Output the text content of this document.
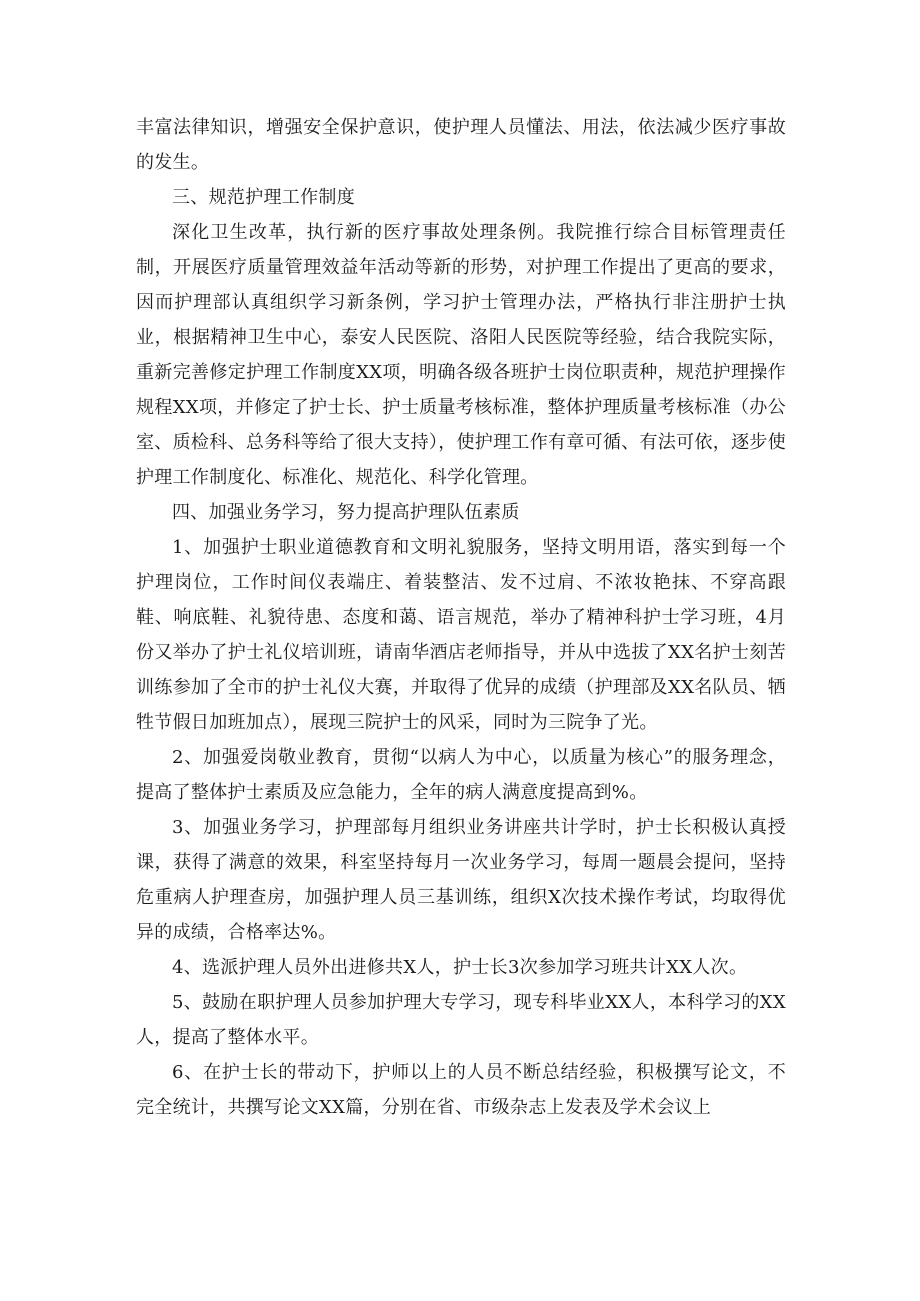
丰富法律知识，增强安全保护意识，使护理人员懂法、用法，依法减少医疗事故的发生。

三、规范护理工作制度

深化卫生改革，执行新的医疗事故处理条例。我院推行综合目标管理责任制，开展医疗质量管理效益年活动等新的形势，对护理工作提出了更高的要求，因而护理部认真组织学习新条例，学习护士管理办法，严格执行非注册护士执业，根据精神卫生中心，泰安人民医院、洛阳人民医院等经验，结合我院实际，重新完善修定护理工作制度XX项，明确各级各班护士岗位职责种，规范护理操作规程XX项，并修定了护士长、护士质量考核标准，整体护理质量考核标准（办公室、质检科、总务科等给了很大支持），使护理工作有章可循、有法可依，逐步使护理工作制度化、标准化、规范化、科学化管理。

四、加强业务学习，努力提高护理队伍素质

1、加强护士职业道德教育和文明礼貌服务，坚持文明用语，落实到每一个护理岗位，工作时间仪表端庄、着装整洁、发不过肩、不浓妆艳抹、不穿高跟鞋、响底鞋、礼貌待患、态度和蔼、语言规范，举办了精神科护士学习班，4月份又举办了护士礼仪培训班，请南华酒店老师指导，并从中选拔了XX名护士刻苦训练参加了全市的护士礼仪大赛，并取得了优异的成绩（护理部及XX名队员、牺牲节假日加班加点），展现三院护士的风采，同时为三院争了光。

2、加强爱岗敬业教育，贯彻“以病人为中心，以质量为核心”的服务理念，提高了整体护士素质及应急能力，全年的病人满意度提高到%。

3、加强业务学习，护理部每月组织业务讲座共计学时，护士长积极认真授课，获得了满意的效果，科室坚持每月一次业务学习，每周一题晨会提问，坚持危重病人护理查房，加强护理人员三基训练，组织X次技术操作考试，均取得优异的成绩，合格率达%。

4、选派护理人员外出进修共X人，护士长3次参加学习班共计XX人次。

5、鼓励在职护理人员参加护理大专学习，现专科毕业XX人，本科学习的XX人，提高了整体水平。

6、在护士长的带动下，护师以上的人员不断总结经验，积极撰写论文，不完全统计，共撰写论文XX篇，分别在省、市级杂志上发表及学术会议上
